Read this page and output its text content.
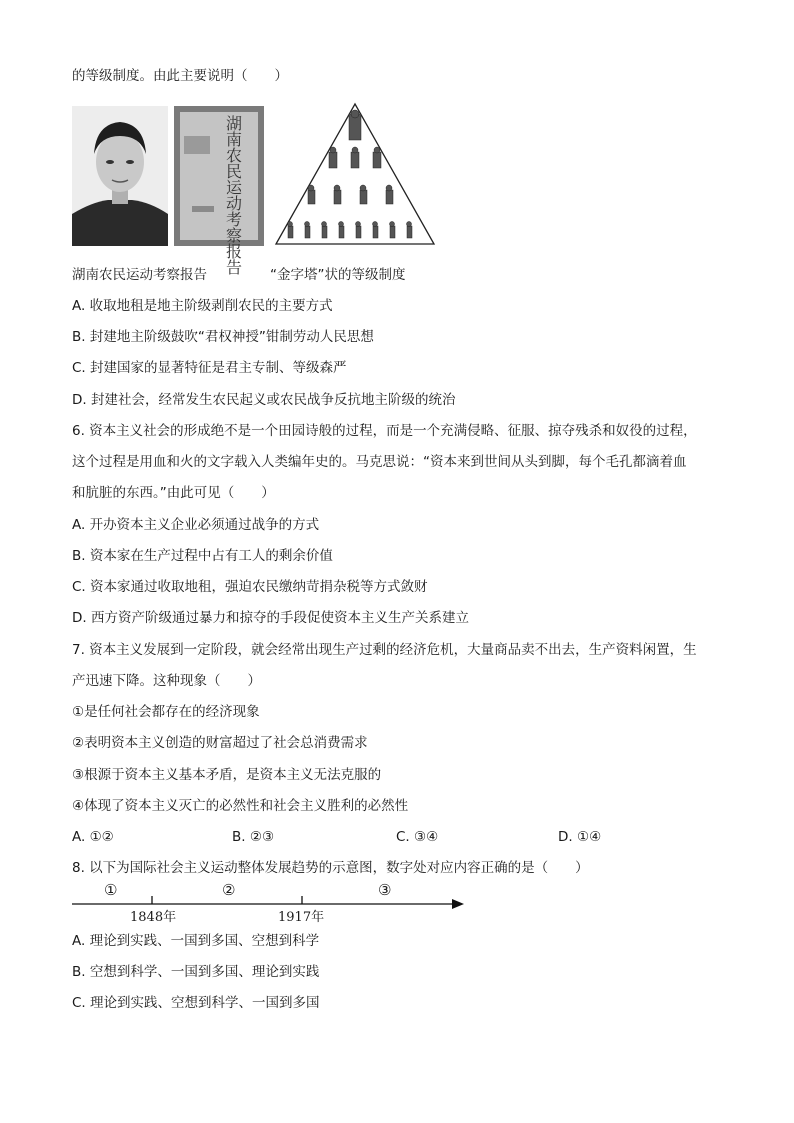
的等级制度。由此主要说明（　　）
湖南农民运动考察报告
湖南农民运动考察报告	“金字塔”状的等级制度
A. 收取地租是地主阶级剥削农民的主要方式
B. 封建地主阶级鼓吹“君权神授”钳制劳动人民思想
C. 封建国家的显著特征是君主专制、等级森严
D. 封建社会，经常发生农民起义或农民战争反抗地主阶级的统治
6. 资本主义社会的形成绝不是一个田园诗般的过程，而是一个充满侵略、征服、掠夺残杀和奴役的过程，
这个过程是用血和火的文字载入人类编年史的。马克思说：“资本来到世间从头到脚，每个毛孔都滴着血
和肮脏的东西。”由此可见（　　）
A. 开办资本主义企业必须通过战争的方式
B. 资本家在生产过程中占有工人的剩余价值
C. 资本家通过收取地租，强迫农民缴纳苛捐杂税等方式敛财
D. 西方资产阶级通过暴力和掠夺的手段促使资本主义生产关系建立
7. 资本主义发展到一定阶段，就会经常出现生产过剩的经济危机，大量商品卖不出去，生产资料闲置，生
产迅速下降。这种现象（　　）
①是任何社会都存在的经济现象
②表明资本主义创造的财富超过了社会总消费需求
③根源于资本主义基本矛盾，是资本主义无法克服的
④体现了资本主义灭亡的必然性和社会主义胜利的必然性
A. ①②	B. ②③	C. ③④	D. ①④
8. 以下为国际社会主义运动整体发展趋势的示意图，数字处对应内容正确的是（　　）
①	②	③
1848年	1917年
A. 理论到实践、一国到多国、空想到科学
B. 空想到科学、一国到多国、理论到实践
C. 理论到实践、空想到科学、一国到多国
